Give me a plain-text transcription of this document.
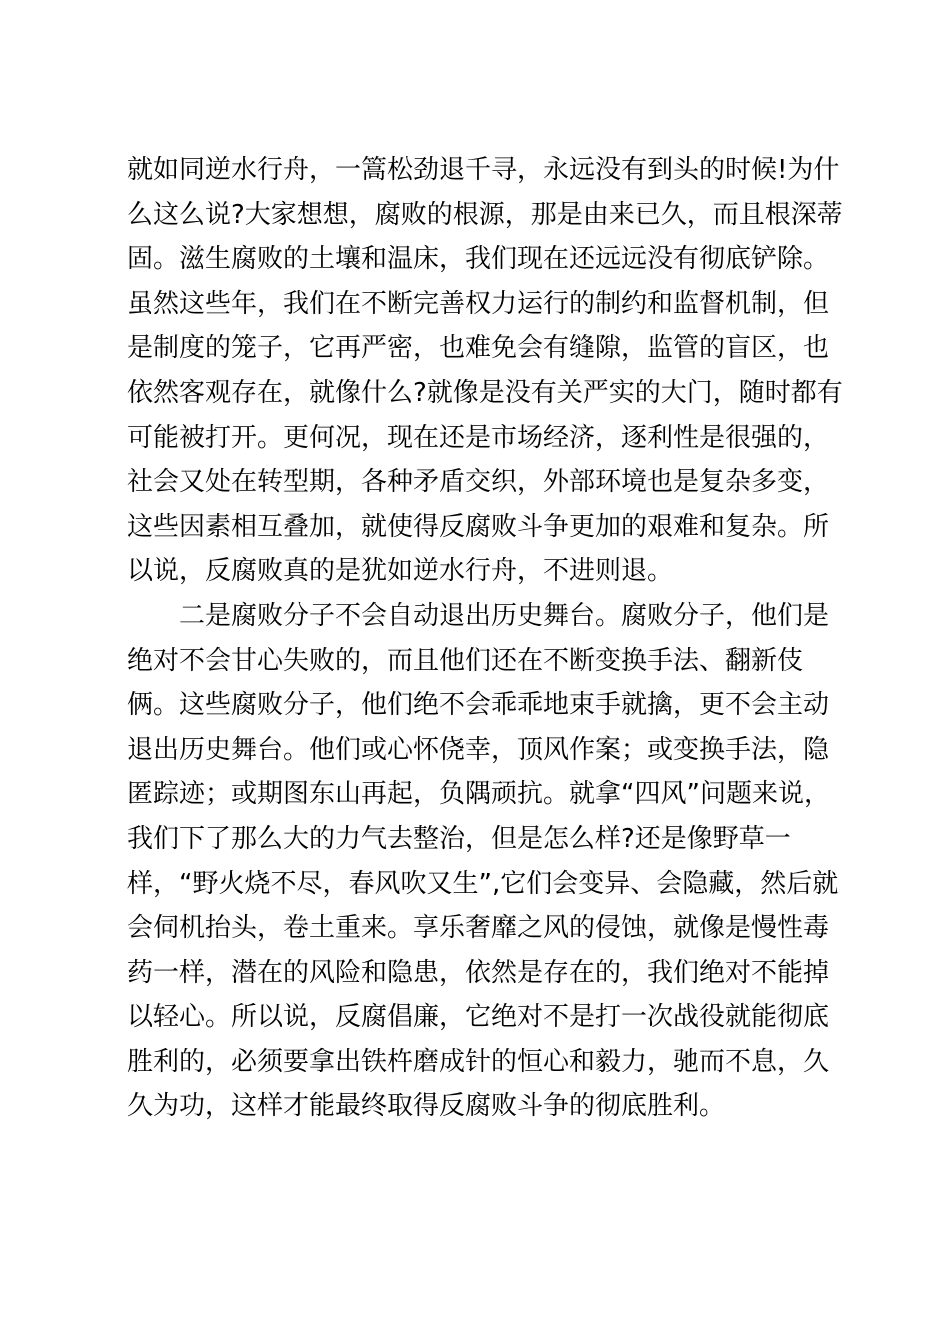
就如同逆水行舟，一篙松劲退千寻，永远没有到头的时候!为什
么这么说?大家想想，腐败的根源，那是由来已久，而且根深蒂
固。滋生腐败的土壤和温床，我们现在还远远没有彻底铲除。
虽然这些年，我们在不断完善权力运行的制约和监督机制，但
是制度的笼子，它再严密，也难免会有缝隙，监管的盲区，也
依然客观存在，就像什么?就像是没有关严实的大门，随时都有
可能被打开。更何况，现在还是市场经济，逐利性是很强的，
社会又处在转型期，各种矛盾交织，外部环境也是复杂多变，
这些因素相互叠加，就使得反腐败斗争更加的艰难和复杂。所
以说，反腐败真的是犹如逆水行舟，不进则退。
二是腐败分子不会自动退出历史舞台。腐败分子，他们是
绝对不会甘心失败的，而且他们还在不断变换手法、翻新伎
俩。这些腐败分子，他们绝不会乖乖地束手就擒，更不会主动
退出历史舞台。他们或心怀侥幸，顶风作案；或变换手法，隐
匿踪迹；或期图东山再起，负隅顽抗。就拿“四风”问题来说，
我们下了那么大的力气去整治，但是怎么样?还是像野草一
样，“野火烧不尽，春风吹又生”,它们会变异、会隐藏，然后就
会伺机抬头，卷土重来。享乐奢靡之风的侵蚀，就像是慢性毒
药一样，潜在的风险和隐患，依然是存在的，我们绝对不能掉
以轻心。所以说，反腐倡廉，它绝对不是打一次战役就能彻底
胜利的，必须要拿出铁杵磨成针的恒心和毅力，驰而不息，久
久为功，这样才能最终取得反腐败斗争的彻底胜利。
